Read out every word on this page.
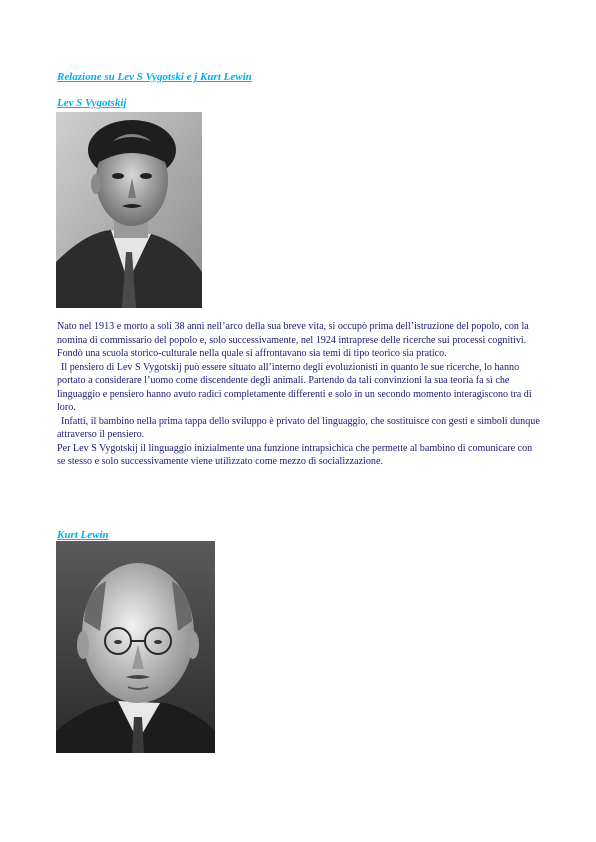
Relazione su Lev S Vygotski e j Kurt Lewin
Lev S Vygotskij

Nato nel 1913 e morto a soli 38 anni nell’arco della sua breve vita, si occupò prima dell’istruzione del popolo, con la nomina di commissario del popolo e, solo successivamente, nel 1924 intraprese delle ricerche sui processi cognitivi. Fondò una scuola storico-culturale nella quale si affrontavano sia temi di tipo teorico sia pratico.

Il pensiero di Lev S Vygotskij può essere situato all’interno degli evoluzionisti in quanto le sue ricerche, lo hanno portato a considerare l’uomo come discendente degli animali. Partendo da tali convinzioni la sua teoria fa sì che linguaggio e pensiero hanno avuto radici completamente differenti e solo in un secondo momento interagiscono tra di loro.

Infatti, il bambino nella prima tappa dello sviluppo è privato del linguaggio, che sostituisce con gesti e simboli dunque attraverso il pensiero.

Per Lev S Vygotskij il linguaggio inizialmente una funzione intrapsichica che permette al bambino di comunicare con se stesso e solo successivamente viene utilizzato come mezzo di socializzazione.

Kurt Lewin
